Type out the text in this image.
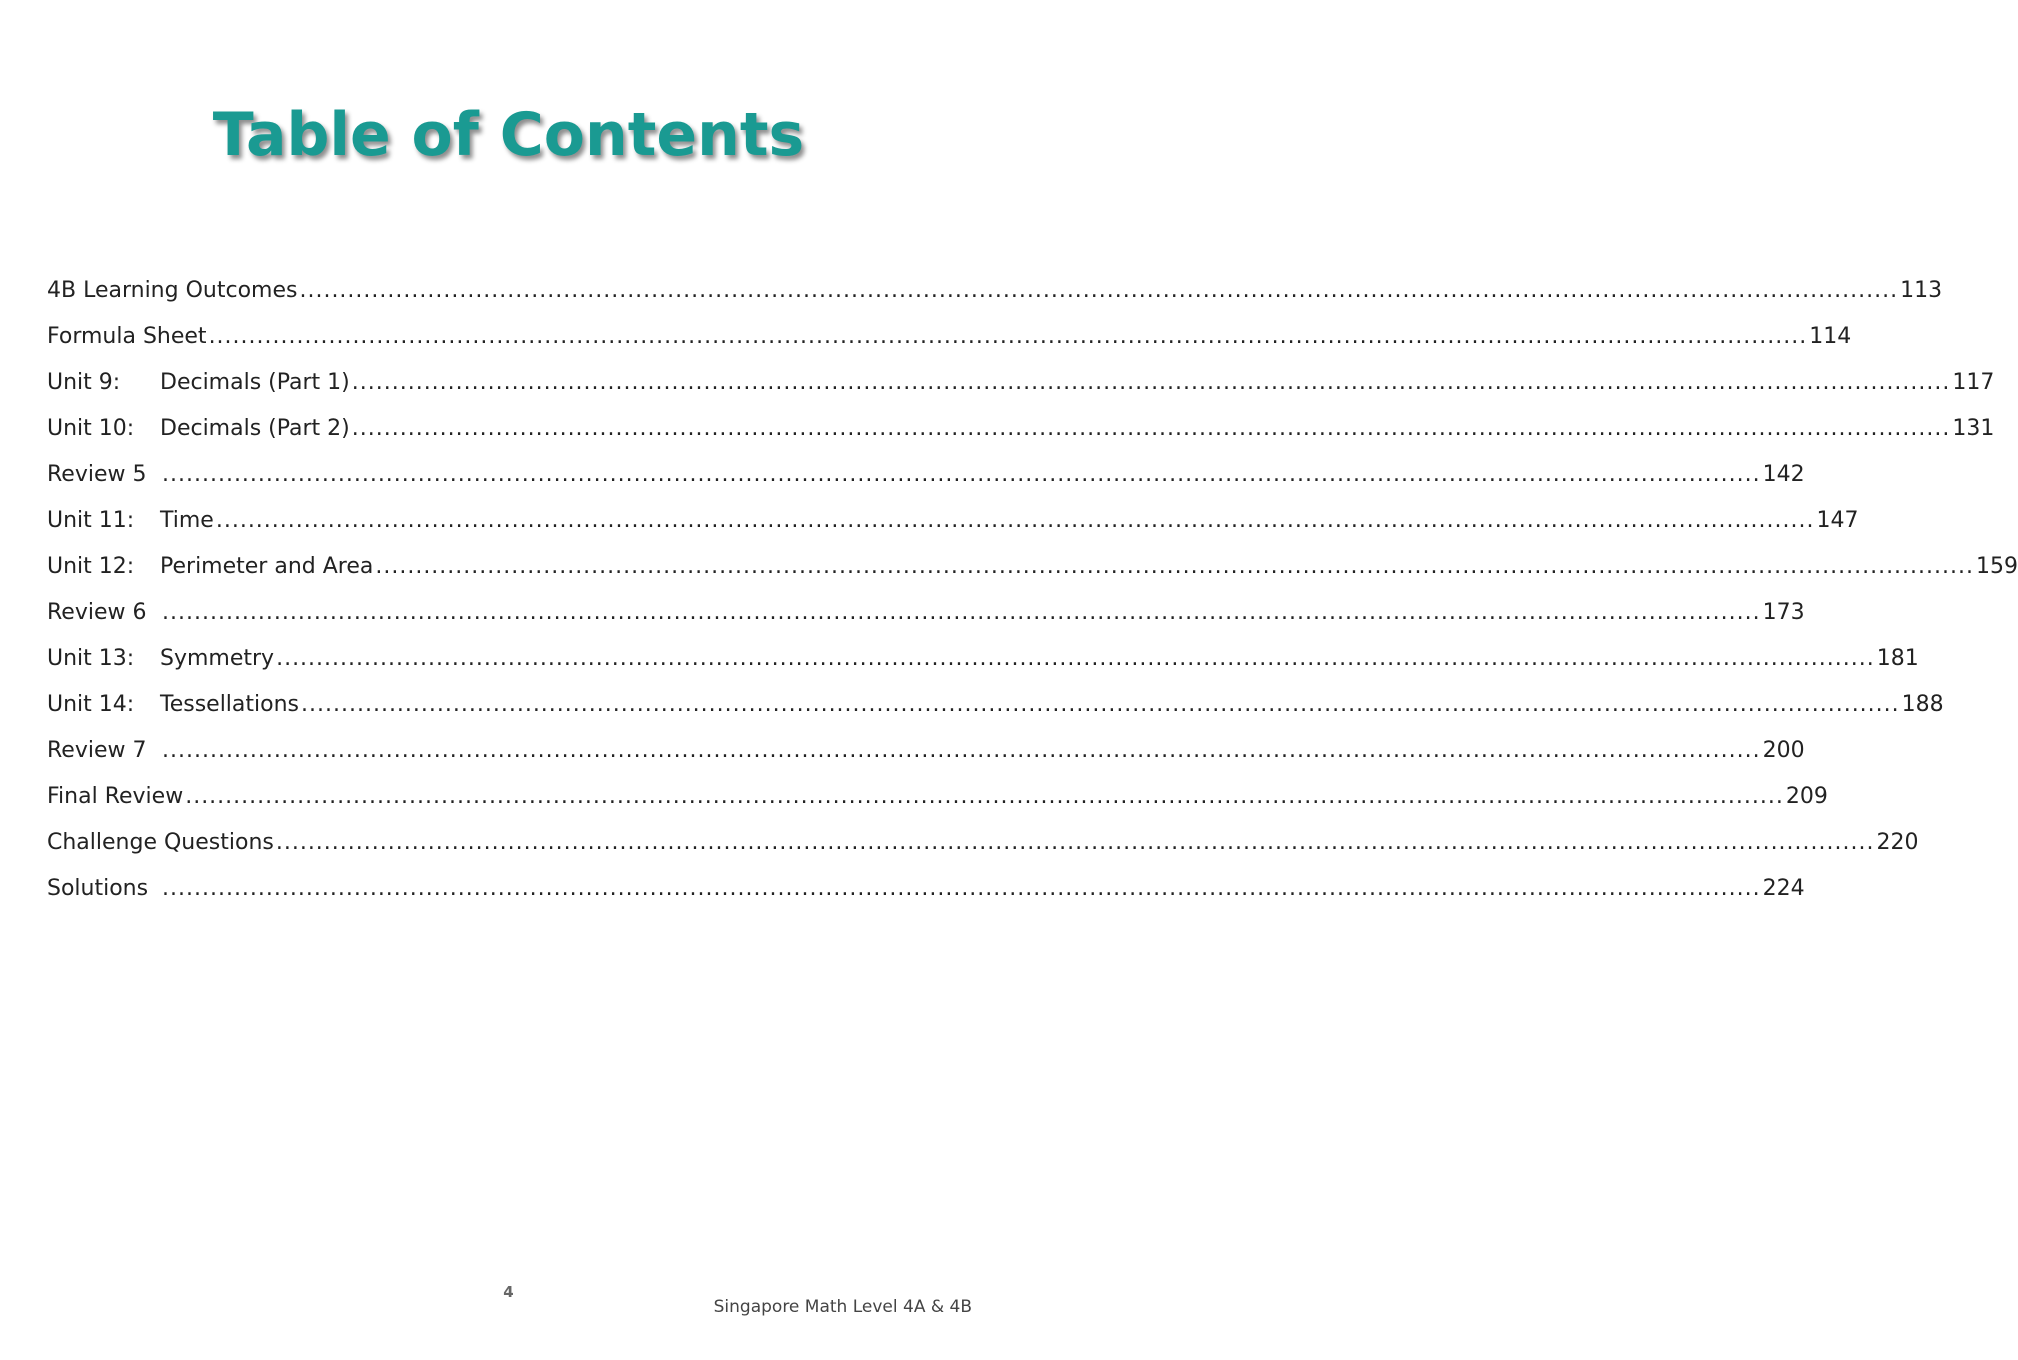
Table of Contents
4B Learning Outcomes ........................................................................................................................................................................................................ 113
Formula Sheet ........................................................................................................................................................................................................ 114
Unit 9: Decimals (Part 1) ........................................................................................................................................................................................................ 117
Unit 10: Decimals (Part 2) ........................................................................................................................................................................................................ 131
Review 5 ........................................................................................................................................................................................................ 142
Unit 11: Time ........................................................................................................................................................................................................ 147
Unit 12: Perimeter and Area ........................................................................................................................................................................................................ 159
Review 6 ........................................................................................................................................................................................................ 173
Unit 13: Symmetry ........................................................................................................................................................................................................ 181
Unit 14: Tessellations ........................................................................................................................................................................................................ 188
Review 7 ........................................................................................................................................................................................................ 200
Final Review ........................................................................................................................................................................................................ 209
Challenge Questions ........................................................................................................................................................................................................ 220
Solutions ........................................................................................................................................................................................................ 224
4
Singapore Math Level 4A & 4B
